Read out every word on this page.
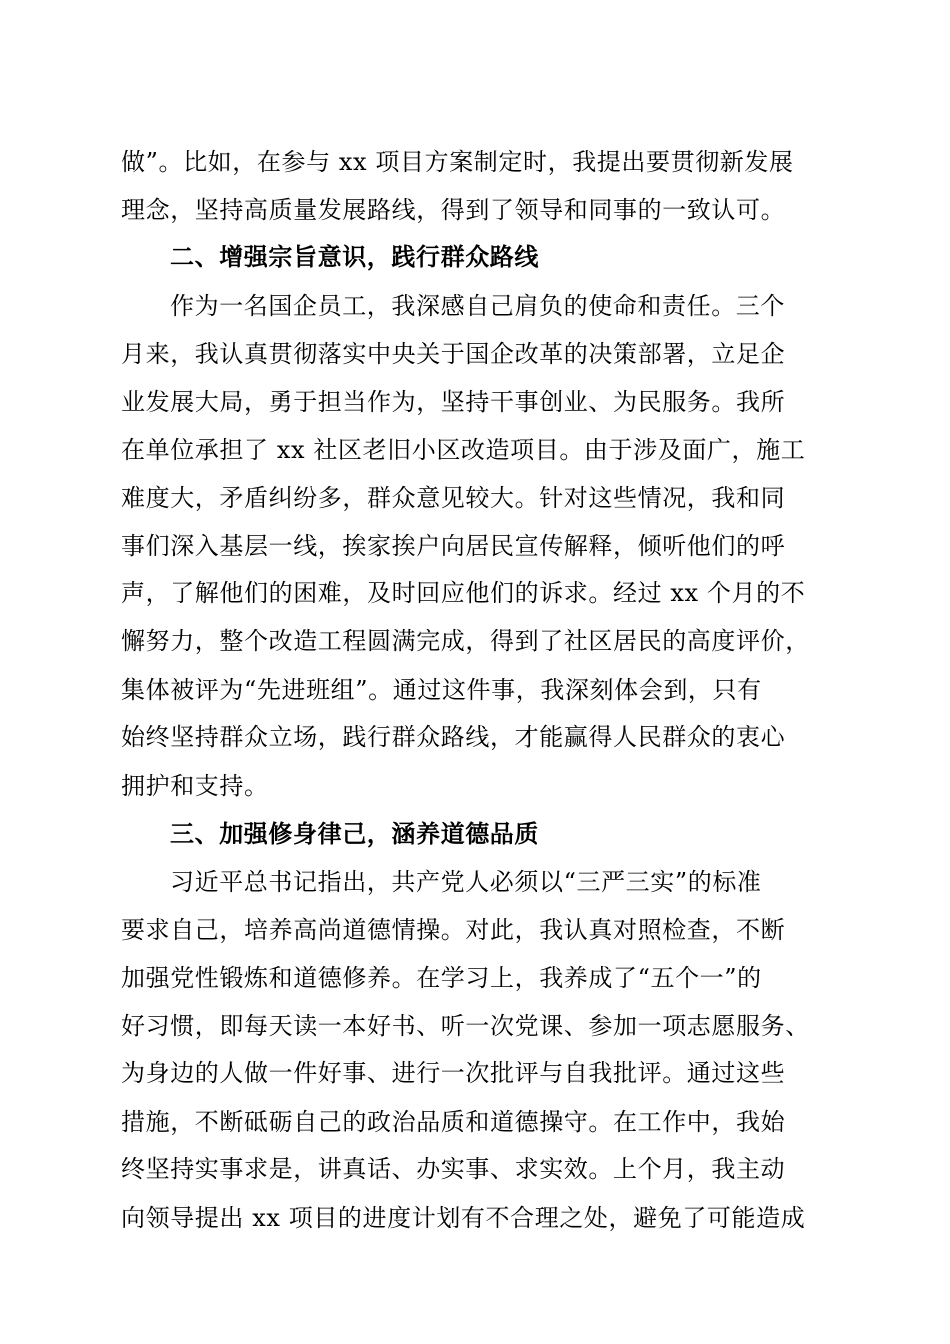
做”。比如，在参与 xx 项目方案制定时，我提出要贯彻新发展
理念，坚持高质量发展路线，得到了领导和同事的一致认可。
二、增强宗旨意识，践行群众路线
作为一名国企员工，我深感自己肩负的使命和责任。三个
月来，我认真贯彻落实中央关于国企改革的决策部署，立足企
业发展大局，勇于担当作为，坚持干事创业、为民服务。我所
在单位承担了 xx 社区老旧小区改造项目。由于涉及面广，施工
难度大，矛盾纠纷多，群众意见较大。针对这些情况，我和同
事们深入基层一线，挨家挨户向居民宣传解释，倾听他们的呼
声，了解他们的困难，及时回应他们的诉求。经过 xx 个月的不
懈努力，整个改造工程圆满完成，得到了社区居民的高度评价，
集体被评为“先进班组”。通过这件事，我深刻体会到，只有
始终坚持群众立场，践行群众路线，才能赢得人民群众的衷心
拥护和支持。
三、加强修身律己，涵养道德品质
习近平总书记指出，共产党人必须以“三严三实”的标准
要求自己，培养高尚道德情操。对此，我认真对照检查，不断
加强党性锻炼和道德修养。在学习上，我养成了“五个一”的
好习惯，即每天读一本好书、听一次党课、参加一项志愿服务、
为身边的人做一件好事、进行一次批评与自我批评。通过这些
措施，不断砥砺自己的政治品质和道德操守。在工作中，我始
终坚持实事求是，讲真话、办实事、求实效。上个月，我主动
向领导提出 xx 项目的进度计划有不合理之处，避免了可能造成
